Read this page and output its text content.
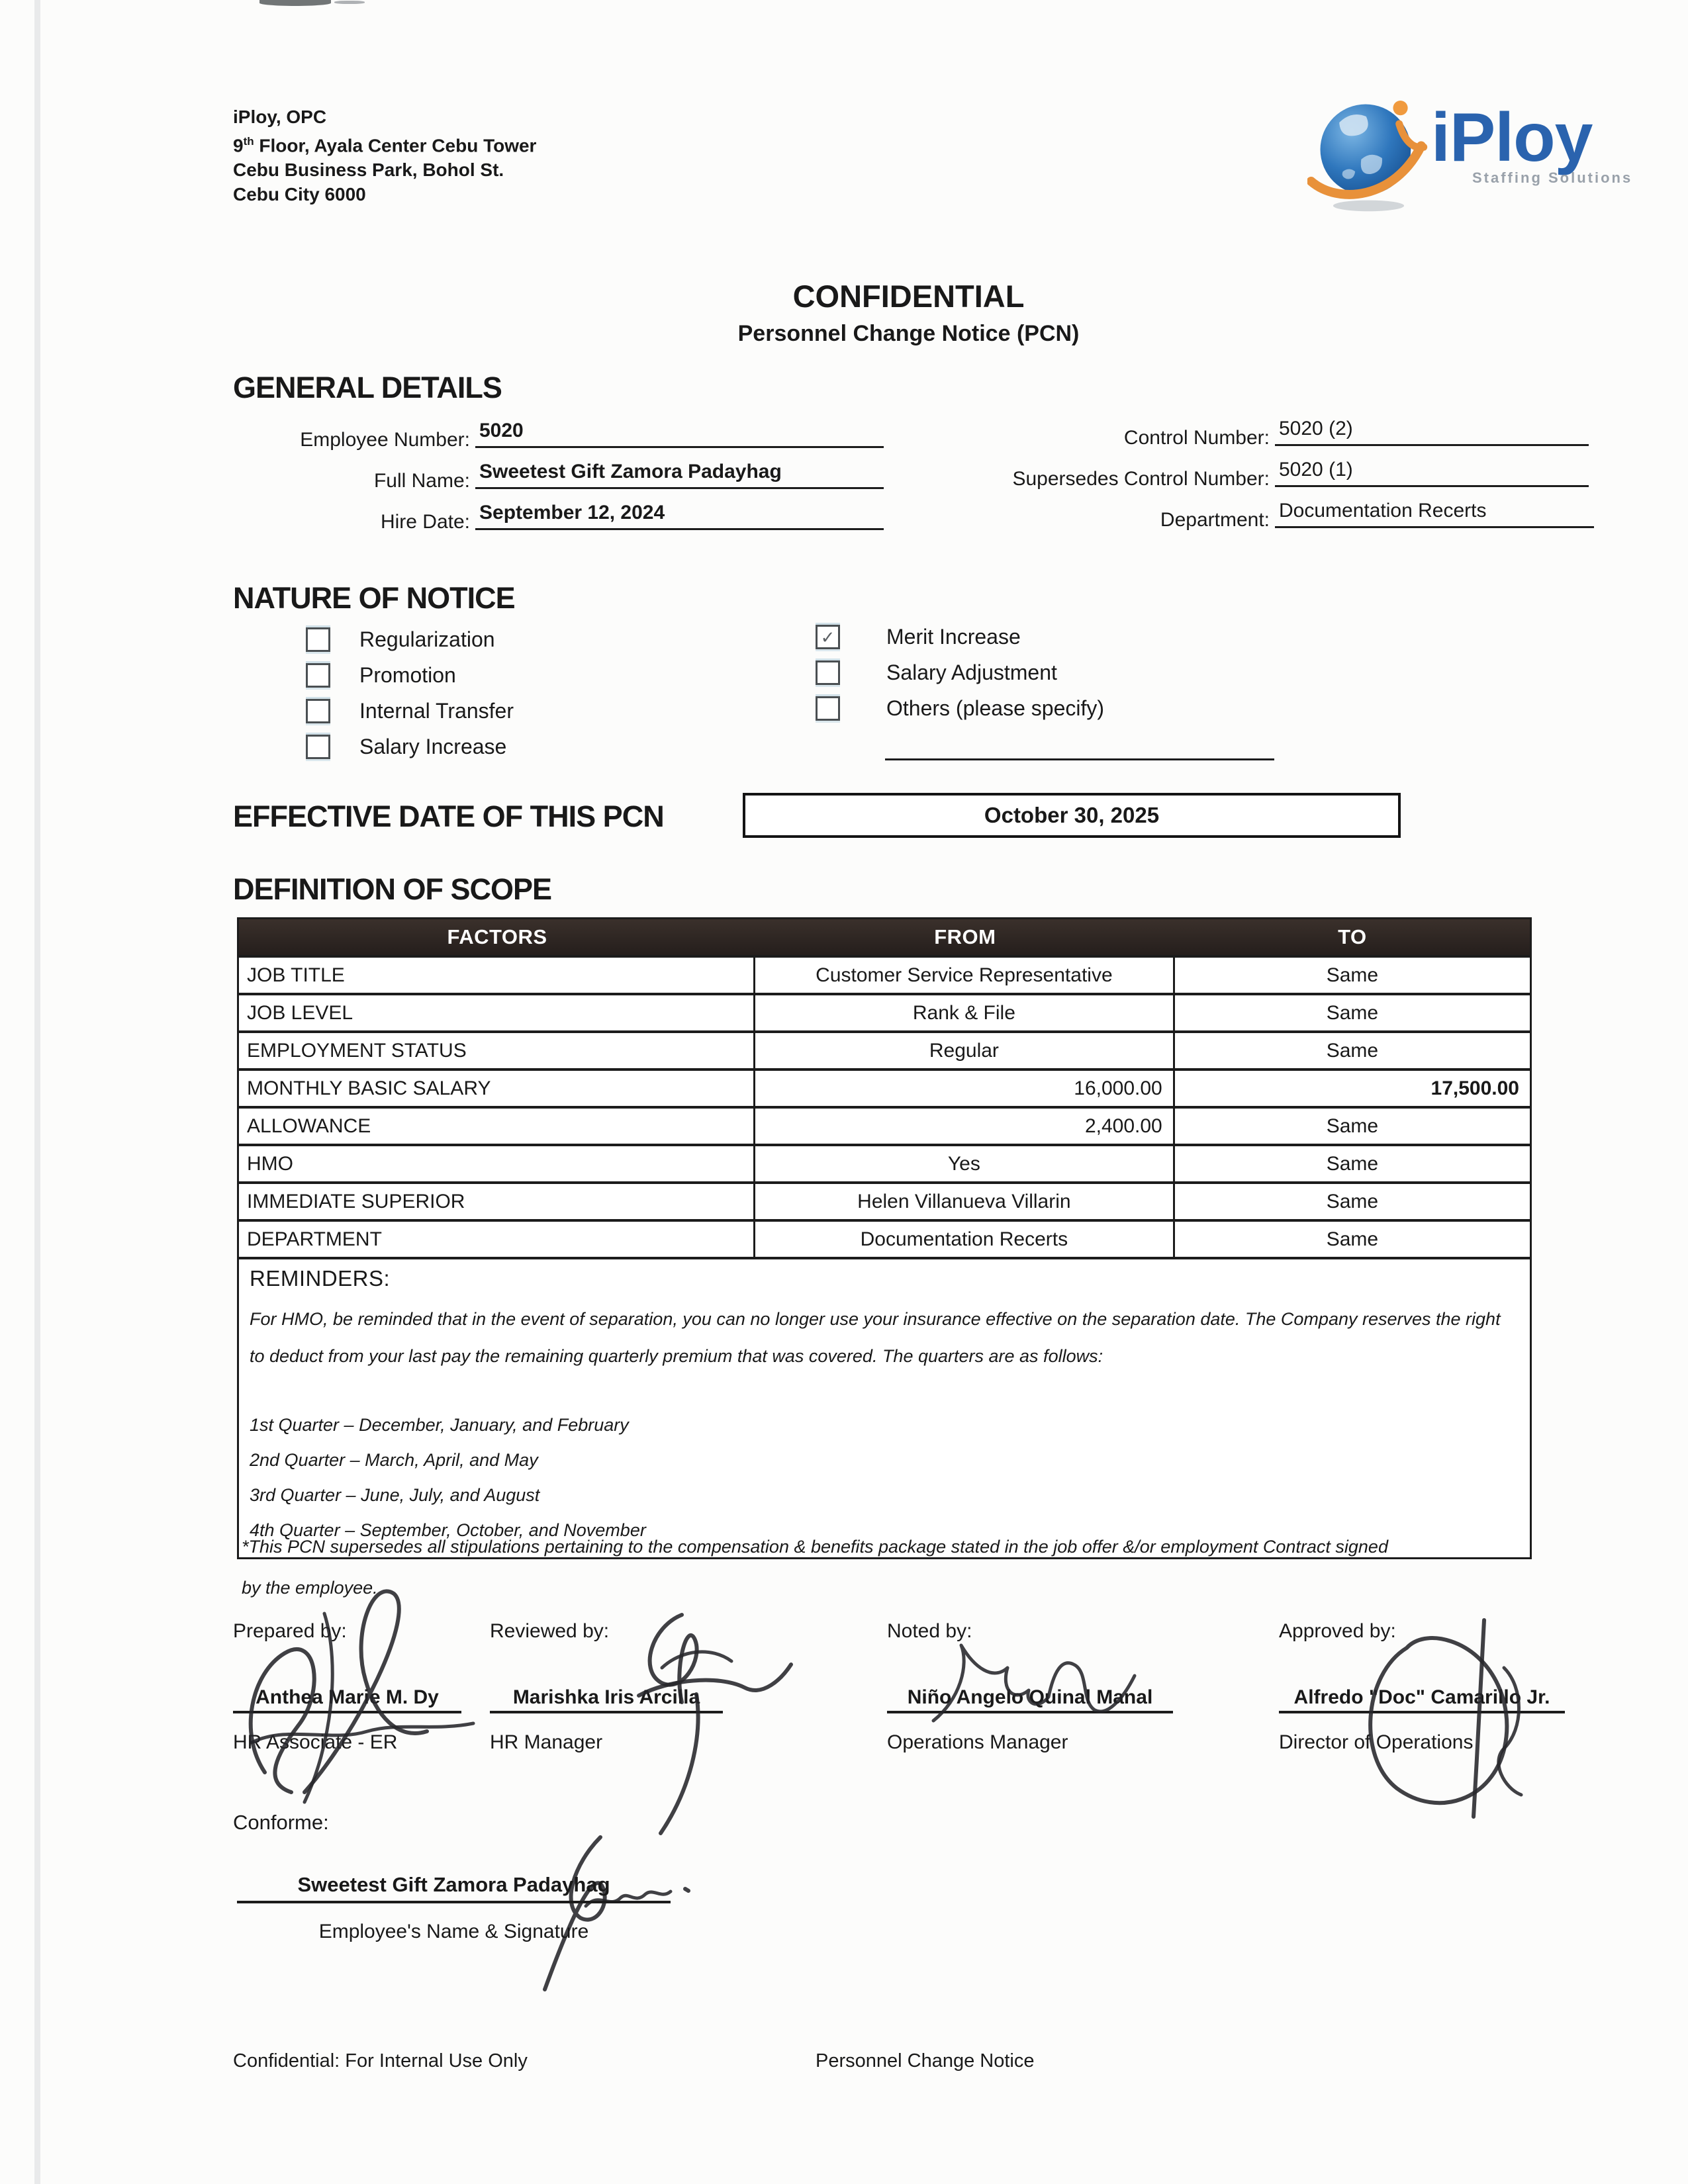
iPloy, OPC
9th Floor, Ayala Center Cebu Tower
Cebu Business Park, Bohol St.
Cebu City 6000
iPloy
Staffing Solutions
CONFIDENTIAL
Personnel Change Notice (PCN)
GENERAL DETAILS
Employee Number: 5020
Full Name: Sweetest Gift Zamora Padayhag
Hire Date: September 12, 2024
Control Number: 5020 (2)
Supersedes Control Number: 5020 (1)
Department: Documentation Recerts
NATURE OF NOTICE
Regularization
Promotion
Internal Transfer
Salary Increase
✓ Merit Increase
Salary Adjustment
Others (please specify)
EFFECTIVE DATE OF THIS PCN	October 30, 2025
DEFINITION OF SCOPE
FACTORS	FROM	TO
JOB TITLE	Customer Service Representative	Same
JOB LEVEL	Rank & File	Same
EMPLOYMENT STATUS	Regular	Same
MONTHLY BASIC SALARY	16,000.00	17,500.00
ALLOWANCE	2,400.00	Same
HMO	Yes	Same
IMMEDIATE SUPERIOR	Helen Villanueva Villarin	Same
DEPARTMENT	Documentation Recerts	Same
REMINDERS:
For HMO, be reminded that in the event of separation, you can no longer use your insurance effective on the separation date. The Company reserves the right to deduct from your last pay the remaining quarterly premium that was covered. The quarters are as follows:
1st Quarter – December, January, and February
2nd Quarter – March, April, and May
3rd Quarter – June, July, and August
4th Quarter – September, October, and November
*This PCN supersedes all stipulations pertaining to the compensation & benefits package stated in the job offer &/or employment Contract signed
by the employee.
Prepared by:
Anthea Marie M. Dy
HR Associate - ER
Reviewed by:
Marishka Iris Arcilla
HR Manager
Noted by:
Niño Angelo Quinal Manal
Operations Manager
Approved by:
Alfredo "Doc" Camarillo Jr.
Director of Operations
Conforme:
Sweetest Gift Zamora Padayhag
Employee's Name & Signature
Confidential: For Internal Use Only	Personnel Change Notice
